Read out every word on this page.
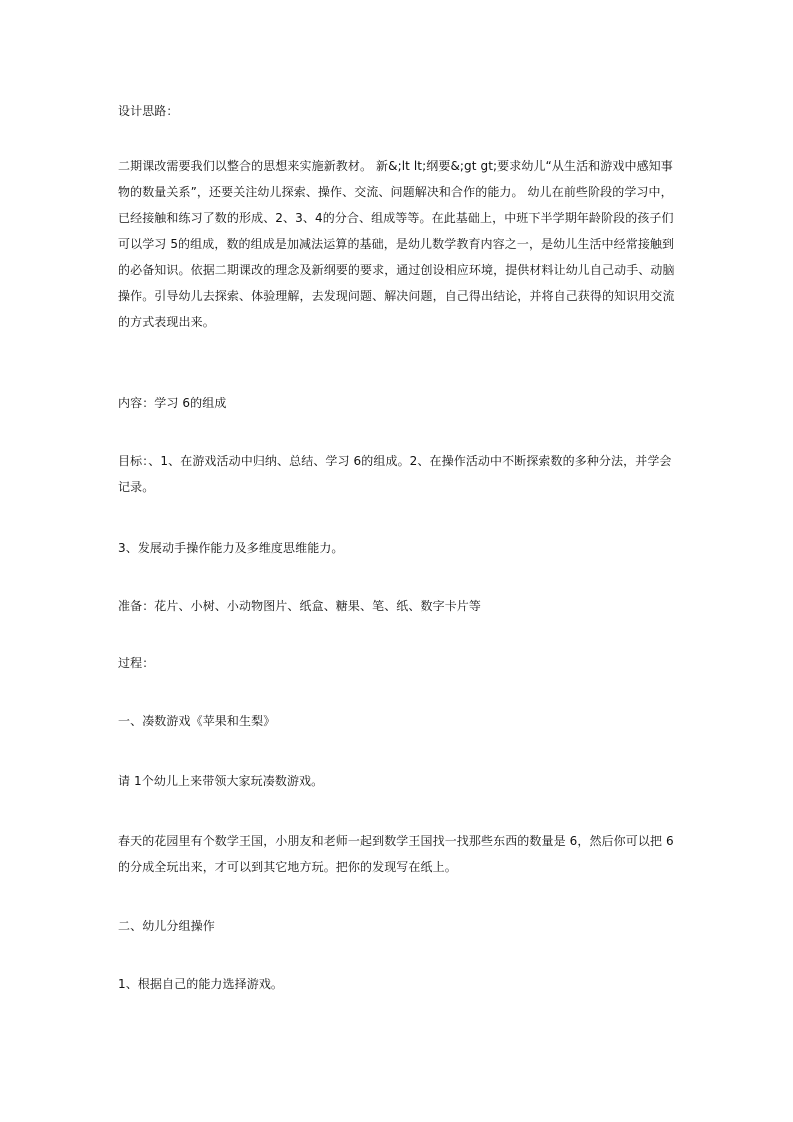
设计思路：
二期课改需要我们以整合的思想来实施新教材。 新&;lt lt;纲要&;gt gt;要求幼儿“从生活和游戏中感知事
物的数量关系”，还要关注幼儿探索、操作、交流、问题解决和合作的能力。 幼儿在前些阶段的学习中，
已经接触和练习了数的形成、2、3、4的分合、组成等等。在此基础上，中班下半学期年龄阶段的孩子们
可以学习 5的组成，数的组成是加减法运算的基础，是幼儿数学教育内容之一，是幼儿生活中经常接触到
的必备知识。依据二期课改的理念及新纲要的要求，通过创设相应环境，提供材料让幼儿自己动手、动脑
操作。引导幼儿去探索、体验理解，去发现问题、解决问题，自己得出结论，并将自己获得的知识用交流
的方式表现出来。
内容：学习 6的组成
目标：、1、在游戏活动中归纳、总结、学习 6的组成。2、在操作活动中不断探索数的多种分法，并学会
记录。
3、发展动手操作能力及多维度思维能力。
准备：花片、小树、小动物图片、纸盒、糖果、笔、纸、数字卡片等
过程：
一、凑数游戏《苹果和生梨》
请 1个幼儿上来带领大家玩凑数游戏。
春天的花园里有个数学王国，小朋友和老师一起到数学王国找一找那些东西的数量是 6，然后你可以把 6
的分成全玩出来，才可以到其它地方玩。把你的发现写在纸上。
二、幼儿分组操作
1、根据自己的能力选择游戏。
